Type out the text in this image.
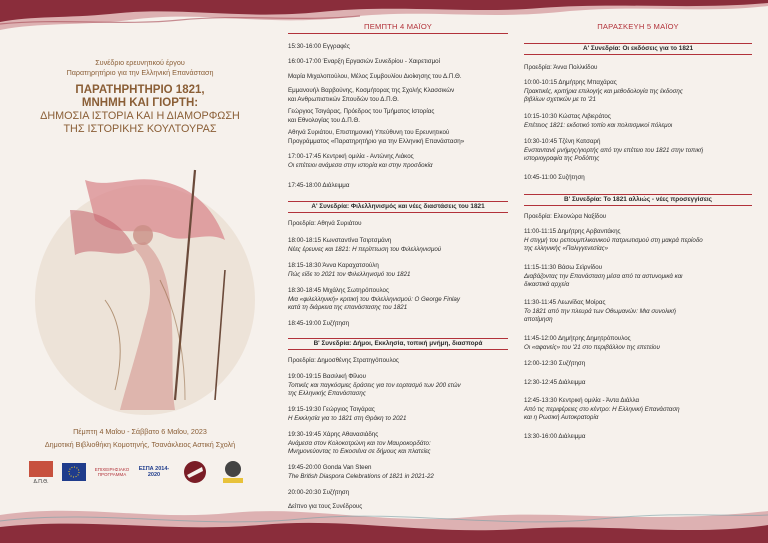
Συνέδριο ερευνητικού έργου
Παρατηρητήριο για την Ελληνική Επανάσταση
ΠΑΡΑΤΗΡΗΤΗΡΙΟ 1821,
ΜΝΗΜΗ ΚΑΙ ΓΙΟΡΤΗ:
ΔΗΜΟΣΙΑ ΙΣΤΟΡΙΑ ΚΑΙ Η ΔΙΑΜΟΡΦΩΣΗ
ΤΗΣ ΙΣΤΟΡΙΚΗΣ ΚΟΥΛΤΟΥΡΑΣ
Πέμπτη 4 Μαΐου - Σάββατο 6 Μαΐου, 2023
Δημοτική Βιβλιοθήκη Κομοτηνής, Τσανάκλειος Αστική Σχολή
Δ.Π.Θ.
ΕΠΙΧΕΙΡΗΣΙΑΚΟ ΠΡΟΓΡΑΜΜΑ
ΕΣΠΑ 2014-2020
ΠΕΜΠΤΗ 4 ΜΑΪΟΥ
15:30-16:00 Εγγραφές
16:00-17:00 Έναρξη Εργασιών Συνεδρίου - Χαιρετισμοί
Μαρία Μιχαλοπούλου, Μέλος Συμβουλίου Διοίκησης του Δ.Π.Θ.
Εμμανουήλ Βαρβούνης, Κοσμήτορας της Σχολής Κλασσικών
και Ανθρωπιστικών Σπουδών του Δ.Π.Θ.
Γεώργιος Τσιγάρας, Πρόεδρος του Τμήματος Ιστορίας
και Εθνολογίας του Δ.Π.Θ.
Αθηνά Συριάτου, Επιστημονική Υπεύθυνη του Ερευνητικού
Προγράμματος «Παρατηρητήριο για την Ελληνική Επανάσταση»
17:00-17:45 Κεντρική ομιλία - Αντώνης Λιάκος
Οι επέτειοι ανάμεσα στην ιστορία και στην προσδοκία
17:45-18:00 Διάλειμμα
Α' Συνεδρία: Φιλελληνισμός και νέες διαστάσεις του 1821
Προεδρία: Αθηνά Συριάτου
18:00-18:15 Κωνσταντίνα Τσιρτσμάνη
Νέες έρευνες και 1821: Η περίπτωση του Φιλελληνισμού
18:15-18:30 Άννα Καραχατσούλη
Πώς είδε το 2021 τον Φιλελληνισμό του 1821
18:30-18:45 Μιχάλης Σωτηρόπουλος
Μια «φιλελληνική» κριτική του Φιλελληνισμού: Ο George Finlay
κατά τη διάρκεια της επανάστασης του 1821
18:45-19:00 Συζήτηση
Β' Συνεδρία: Δήμοι, Εκκλησία, τοπική μνήμη, διασπορά
Προεδρία: Δημοσθένης Στρατηγόπουλος
19:00-19:15 Βασιλική Φίλιου
Τοπικές και παγκόσμιες δράσεις για τον εορτασμό των 200 ετών
της Ελληνικής Επανάστασης
19:15-19:30 Γεώργιος Τσιγάρας
Η Εκκλησία για το 1821 στη Θράκη το 2021
19:30-19:45 Χάρης Αθανασιάδης
Ανάμεσα στον Κολοκοτρώνη και τον Μαυροκορδάτο:
Μνημονεύοντας το Εικοσιένα σε δήμους και πλατείες
19:45-20:00 Gonda Van Steen
The British Diaspora Celebrations of 1821 in 2021-22
20:00-20:30 Συζήτηση
Δείπνο για τους Συνέδρους
ΠΑΡΑΣΚΕΥΗ 5 ΜΑΪΟΥ
Α' Συνεδρία: Οι εκδόσεις για το 1821
Προεδρία: Άννα Πολλκίδου
10:00-10:15 Δημήτρης Μπαχάρας
Πρακτικές, κριτήρια επιλογής και μεθοδολογία της έκδοσης
βιβλίων σχετικών με το '21
10:15-10:30 Κώστας Λιβιεράτος
Επέτειος 1821: εκδοτικό τοπίο και πολιτισμικοί πόλεμοι
10:30-10:45 Τζένη Κατσαρή
Ενσταντανέ μνήμης/γιορτής από την επέτειο του 1821 στην τοπική
ιστοριογραφία της Ροδόπης
10:45-11:00 Συζήτηση
Β' Συνεδρία: Το 1821 αλλιώς - νέες προσεγγίσεις
Προεδρία: Ελεονώρα Ναξίδου
11:00-11:15 Δημήτρης Αρβανιτάκης
Η στιγμή του ρεπουμπλικανικού πατριωτισμού στη μακρά περίοδο
της ελληνικής «Παλιγγενεσίας»
11:15-11:30 Βάσω Σεϊρνίδου
Διαβάζοντας την Επανάσταση μέσα από τα αστυνομικά και
δικαστικά αρχεία
11:30-11:45 Λεωνίδας Μοίρας
Το 1821 από την πλευρά των Οθωμανών: Μια συνολική
αποτίμηση
11:45-12:00 Δημήτρης Δημητρόπουλος
Οι «αφανείς» του '21 στο περιβάλλον της επετείου
12:00-12:30 Συζήτηση
12:30-12:45 Διάλειμμα
12:45-13:30 Κεντρική ομιλία - Άντα Διάλλα
Από τις περιφέρειες στο κέντρο: Η Ελληνική Επανάσταση
και η Ρωσική Αυτοκρατορία
13:30-16:00 Διάλειμμα
